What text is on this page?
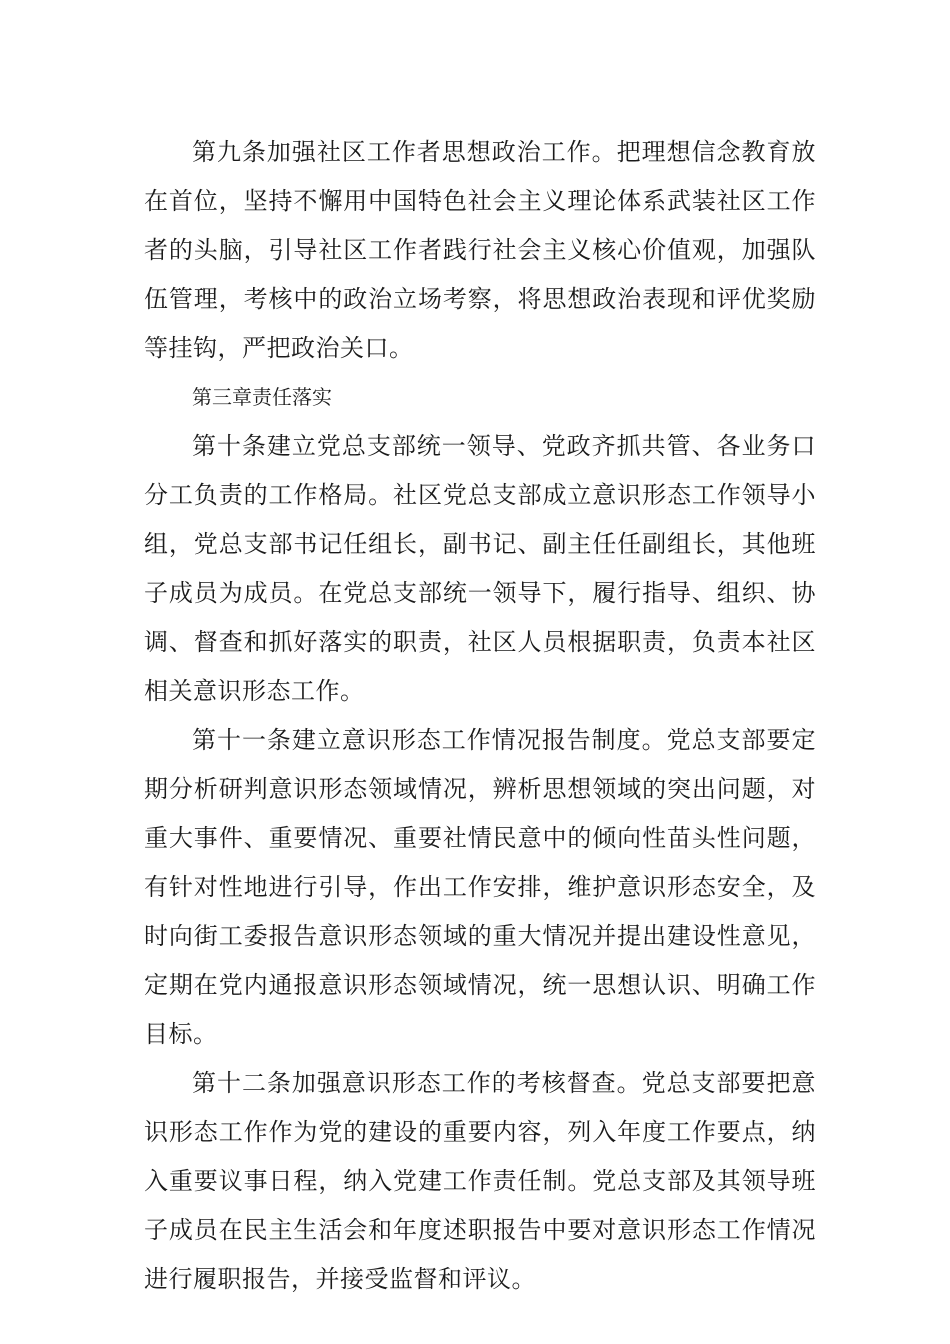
第九条加强社区工作者思想政治工作。把理想信念教育放在首位，坚持不懈用中国特色社会主义理论体系武装社区工作者的头脑，引导社区工作者践行社会主义核心价值观，加强队伍管理，考核中的政治立场考察，将思想政治表现和评优奖励等挂钩，严把政治关口。

第三章责任落实

第十条建立党总支部统一领导、党政齐抓共管、各业务口分工负责的工作格局。社区党总支部成立意识形态工作领导小组，党总支部书记任组长，副书记、副主任任副组长，其他班子成员为成员。在党总支部统一领导下，履行指导、组织、协调、督查和抓好落实的职责，社区人员根据职责，负责本社区相关意识形态工作。

第十一条建立意识形态工作情况报告制度。党总支部要定期分析研判意识形态领域情况，辨析思想领域的突出问题，对重大事件、重要情况、重要社情民意中的倾向性苗头性问题，有针对性地进行引导，作出工作安排，维护意识形态安全，及时向街工委报告意识形态领域的重大情况并提出建设性意见，定期在党内通报意识形态领域情况，统一思想认识、明确工作目标。

第十二条加强意识形态工作的考核督查。党总支部要把意识形态工作作为党的建设的重要内容，列入年度工作要点，纳入重要议事日程，纳入党建工作责任制。党总支部及其领导班子成员在民主生活会和年度述职报告中要对意识形态工作情况进行履职报告，并接受监督和评议。
